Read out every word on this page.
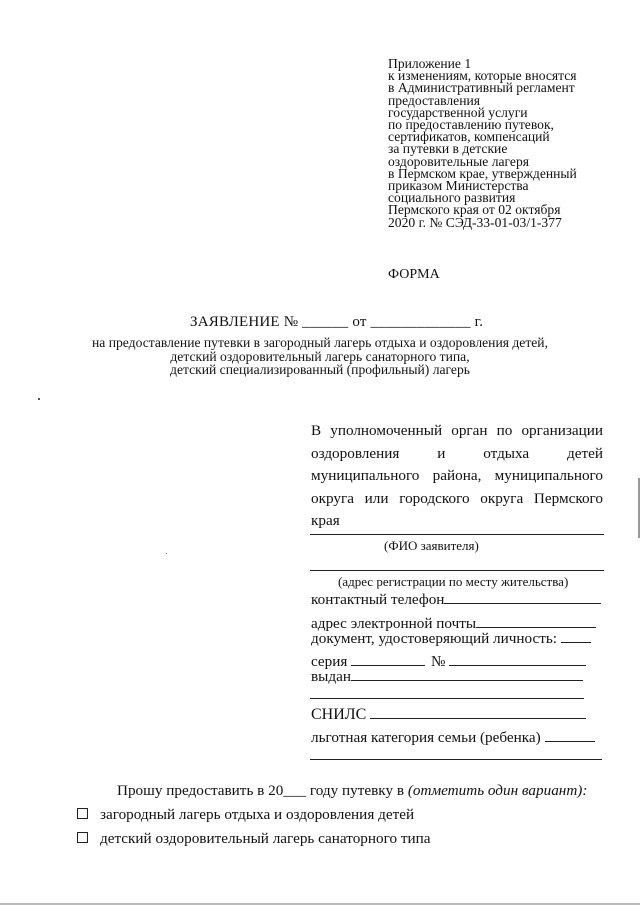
Приложение 1
к изменениям, которые вносятся
в Административный регламент
предоставления
государственной услуги
по предоставлению путевок,
сертификатов, компенсаций
за путевки в детские
оздоровительные лагеря
в Пермском крае, утвержденный
приказом Министерства
социального развития
Пермского края от 02 октября
2020 г. № СЭД-33-01-03/1-377
ФОРМА
ЗАЯВЛЕНИЕ № ______ от _____________ г.
на предоставление путевки в загородный лагерь отдыха и оздоровления детей,
детский оздоровительный лагерь санаторного типа,
детский специализированный (профильный) лагерь
В уполномоченный орган по организации оздоровления и отдыха детей муниципального района, муниципального округа или городского округа Пермского края
(ФИО заявителя)
(адрес регистрации по месту жительства)
контактный телефон
адрес электронной почты
документ, удостоверяющий личность:
серия	№
выдан
СНИЛС
льготная категория семьи (ребенка)
Прошу предоставить в 20___ году путевку в (отметить один вариант):
загородный лагерь отдыха и оздоровления детей
детский оздоровительный лагерь санаторного типа
